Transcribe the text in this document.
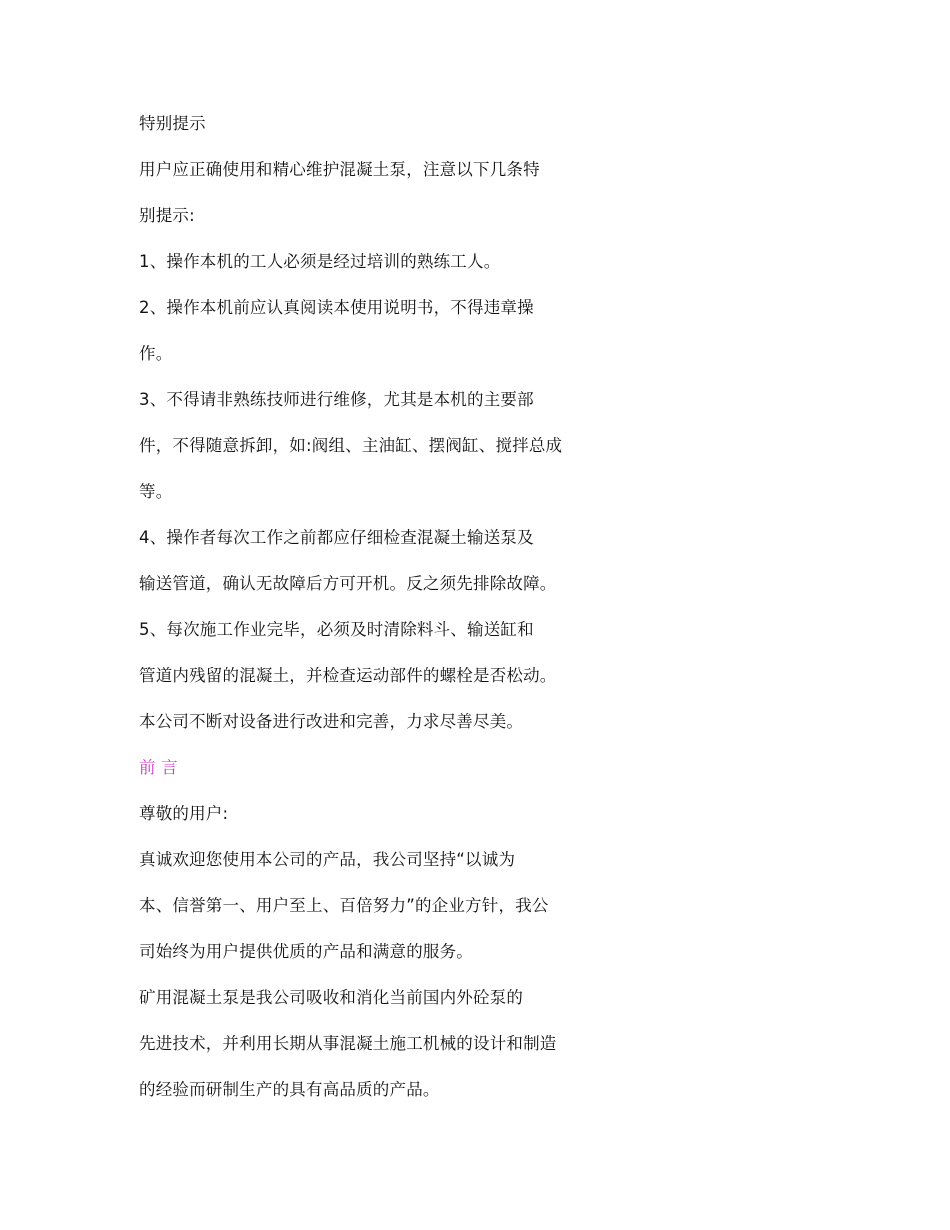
特别提示
用户应正确使用和精心维护混凝土泵，注意以下几条特
别提示:
1、操作本机的工人必须是经过培训的熟练工人。
2、操作本机前应认真阅读本使用说明书，不得违章操
作。
3、不得请非熟练技师进行维修，尤其是本机的主要部
件，不得随意拆卸，如:阀组、主油缸、摆阀缸、搅拌总成
等。
4、操作者每次工作之前都应仔细检查混凝土输送泵及
输送管道，确认无故障后方可开机。反之须先排除故障。
5、每次施工作业完毕，必须及时清除料斗、输送缸和
管道内残留的混凝土，并检查运动部件的螺栓是否松动。
本公司不断对设备进行改进和完善，力求尽善尽美。
前 言
尊敬的用户:
真诚欢迎您使用本公司的产品，我公司坚持“以诚为
本、信誉第一、用户至上、百倍努力”的企业方针，我公
司始终为用户提供优质的产品和满意的服务。
矿用混凝土泵是我公司吸收和消化当前国内外砼泵的
先进技术，并利用长期从事混凝土施工机械的设计和制造
的经验而研制生产的具有高品质的产品。
